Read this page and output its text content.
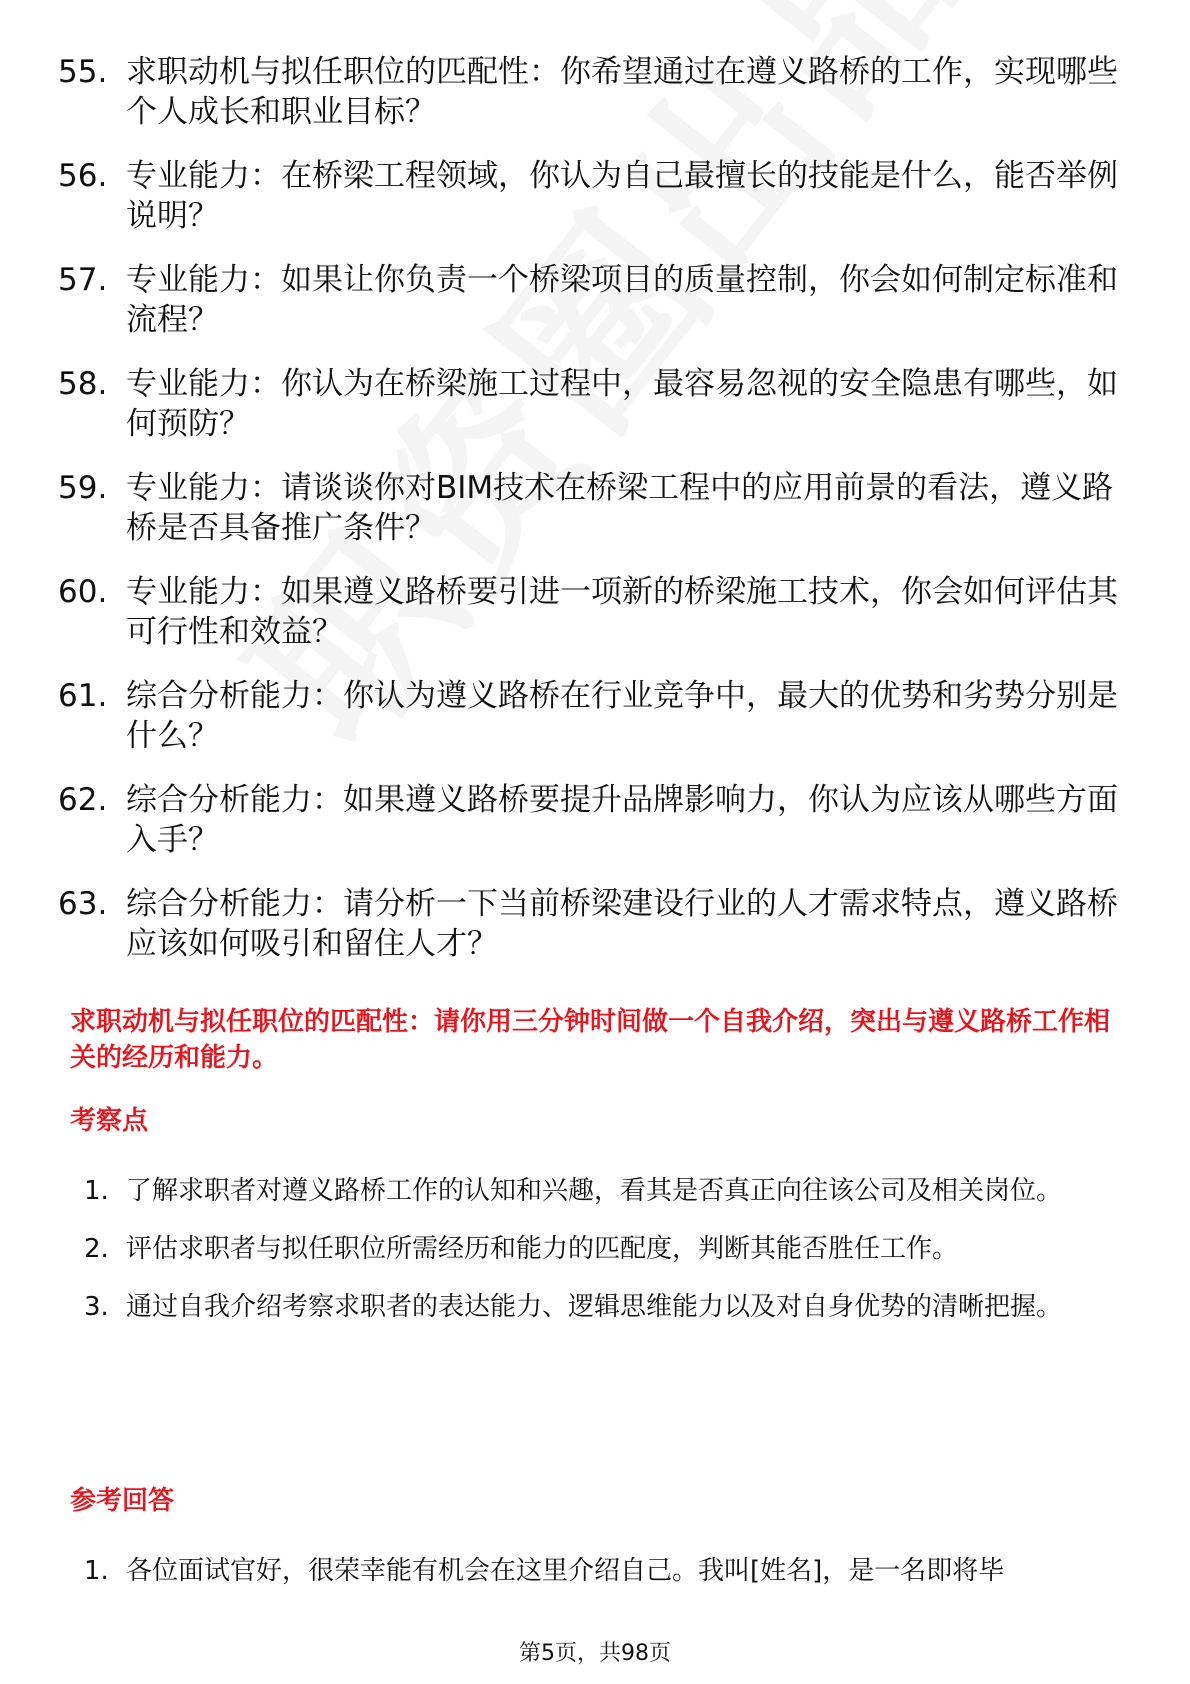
55. 求职动机与拟任职位的匹配性：你希望通过在遵义路桥的工作，实现哪些个人成长和职业目标？
56. 专业能力：在桥梁工程领域，你认为自己最擅长的技能是什么，能否举例说明？
57. 专业能力：如果让你负责一个桥梁项目的质量控制，你会如何制定标准和流程？
58. 专业能力：你认为在桥梁施工过程中，最容易忽视的安全隐患有哪些，如何预防？
59. 专业能力：请谈谈你对BIM技术在桥梁工程中的应用前景的看法，遵义路桥是否具备推广条件？
60. 专业能力：如果遵义路桥要引进一项新的桥梁施工技术，你会如何评估其可行性和效益？
61. 综合分析能力：你认为遵义路桥在行业竞争中，最大的优势和劣势分别是什么？
62. 综合分析能力：如果遵义路桥要提升品牌影响力，你认为应该从哪些方面入手？
63. 综合分析能力：请分析一下当前桥梁建设行业的人才需求特点，遵义路桥应该如何吸引和留住人才？
求职动机与拟任职位的匹配性：请你用三分钟时间做一个自我介绍，突出与遵义路桥工作相关的经历和能力。
考察点
1. 了解求职者对遵义路桥工作的认知和兴趣，看其是否真正向往该公司及相关岗位。
2. 评估求职者与拟任职位所需经历和能力的匹配度，判断其能否胜任工作。
3. 通过自我介绍考察求职者的表达能力、逻辑思维能力以及对自身优势的清晰把握。
参考回答
1. 各位面试官好，很荣幸能有机会在这里介绍自己。我叫[姓名]，是一名即将毕
第5页，共98页
